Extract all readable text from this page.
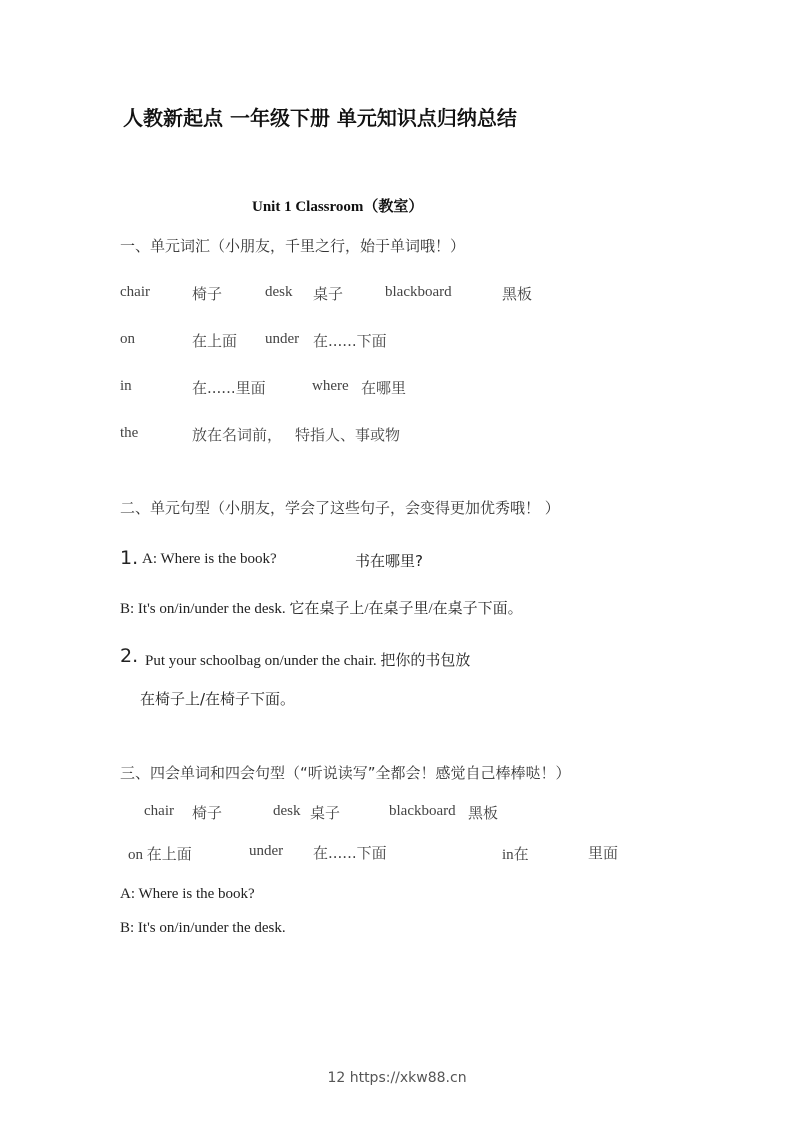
人教新起点 一年级下册 单元知识点归纳总结
Unit 1 Classroom（教室）
一、单元词汇（小朋友，千里之行，始于单词哦！）
chair	椅子	desk 桌子	blackboard	黑板
on	在上面 under 在......下面
in	在......里面	where 在哪里
the	放在名词前， 特指人、事或物
二、单元句型（小朋友，学会了这些句子，会变得更加优秀哦！ ）
1. A: Where is the book?	书在哪里?
B: It's on/in/under the desk. 它在桌子上/在桌子里/在桌子下面。
2. Put your schoolbag on/under the chair. 把你的书包放
在椅子上/在椅子下面。
三、四会单词和四会句型（“听说读写”全都会！感觉自己棒棒哒！）
chair 椅子	desk 桌子	blackboard 黑板
on 在上面	under 在......下面	in在	里面
A: Where is the book?
B: It's on/in/under the desk.
12 https://xkw88.cn
